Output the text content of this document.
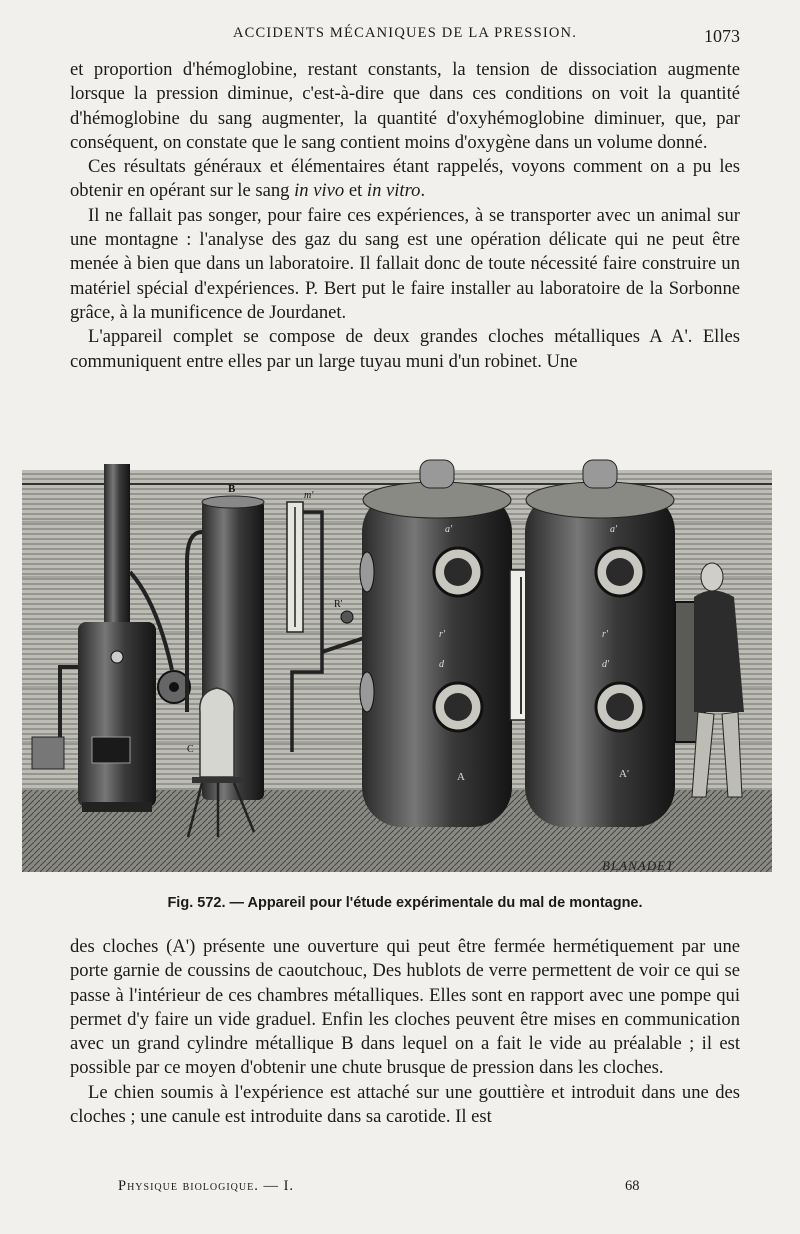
ACCIDENTS MÉCANIQUES DE LA PRESSION.	1073

et proportion d'hémoglobine, restant constants, la tension de dissociation augmente lorsque la pression diminue, c'est-à-dire que dans ces conditions on voit la quantité d'hémoglobine du sang augmenter, la quantité d'oxyhémoglobine diminuer, que, par conséquent, on constate que le sang contient moins d'oxygène dans un volume donné.

Ces résultats généraux et élémentaires étant rappelés, voyons comment on a pu les obtenir en opérant sur le sang in vivo et in vitro.

Il ne fallait pas songer, pour faire ces expériences, à se transporter avec un animal sur une montagne : l'analyse des gaz du sang est une opération délicate qui ne peut être menée à bien que dans un laboratoire. Il fallait donc de toute nécessité faire construire un matériel spécial d'expériences. P. Bert put le faire installer au laboratoire de la Sorbonne grâce, à la munificence de Jourdanet.

L'appareil complet se compose de deux grandes cloches métalliques A A'. Elles communiquent entre elles par un large tuyau muni d'un robinet. Une

B
C
m'
R'
a'
r'
d
A
a'
r'
d'
A'
BLANADET
Fig. 572. — Appareil pour l'étude expérimentale du mal de montagne.

des cloches (A') présente une ouverture qui peut être fermée hermétiquement par une porte garnie de coussins de caoutchouc, Des hublots de verre permettent de voir ce qui se passe à l'intérieur de ces chambres métalliques. Elles sont en rapport avec une pompe qui permet d'y faire un vide graduel. Enfin les cloches peuvent être mises en communication avec un grand cylindre métallique B dans lequel on a fait le vide au préalable ; il est possible par ce moyen d'obtenir une chute brusque de pression dans les cloches.

Le chien soumis à l'expérience est attaché sur une gouttière et introduit dans une des cloches ; une canule est introduite dans sa carotide. Il est

Physique biologique. — I.	68
